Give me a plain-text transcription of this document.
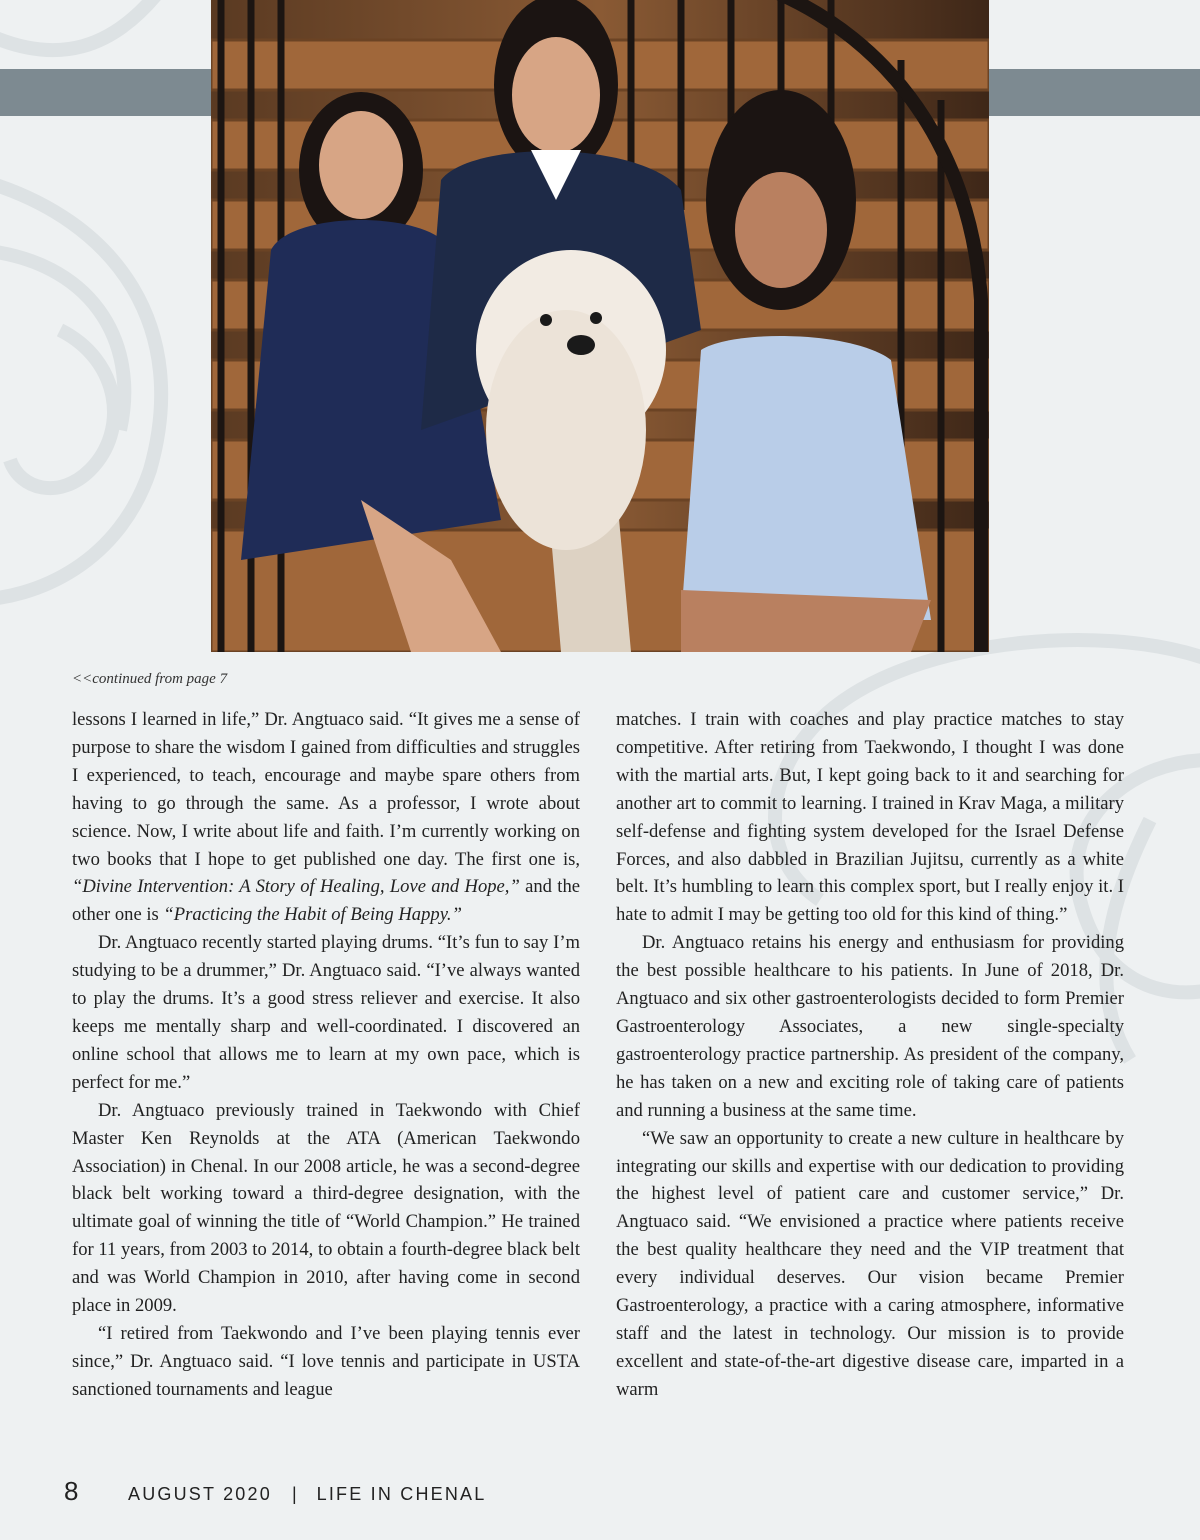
<<continued from page 7

lessons I learned in life,” Dr. Angtuaco said. “It gives me a sense of purpose to share the wisdom I gained from difficulties and struggles I experienced, to teach, encourage and maybe spare others from having to go through the same. As a professor, I wrote about science. Now, I write about life and faith. I’m currently working on two books that I hope to get published one day. The first one is, “Divine Intervention: A Story of Healing, Love and Hope,” and the other one is “Practicing the Habit of Being Happy.”

Dr. Angtuaco recently started playing drums. “It’s fun to say I’m studying to be a drummer,” Dr. Angtuaco said. “I’ve always wanted to play the drums. It’s a good stress reliever and exercise. It also keeps me mentally sharp and well-coordinated. I discovered an online school that allows me to learn at my own pace, which is perfect for me.”

Dr. Angtuaco previously trained in Taekwondo with Chief Master Ken Reynolds at the ATA (American Taekwondo Association) in Chenal. In our 2008 article, he was a second-degree black belt working toward a third-degree designation, with the ultimate goal of winning the title of “World Champion.” He trained for 11 years, from 2003 to 2014, to obtain a fourth-degree black belt and was World Champion in 2010, after having come in second place in 2009.

“I retired from Taekwondo and I’ve been playing tennis ever since,” Dr. Angtuaco said. “I love tennis and participate in USTA sanctioned tournaments and league

matches. I train with coaches and play practice matches to stay competitive. After retiring from Taekwondo, I thought I was done with the martial arts. But, I kept going back to it and searching for another art to commit to learning. I trained in Krav Maga, a military self-defense and fighting system developed for the Israel Defense Forces, and also dabbled in Brazilian Jujitsu, currently as a white belt. It’s humbling to learn this complex sport, but I really enjoy it. I hate to admit I may be getting too old for this kind of thing.”

Dr. Angtuaco retains his energy and enthusiasm for providing the best possible healthcare to his patients. In June of 2018, Dr. Angtuaco and six other gastroenterologists decided to form Premier Gastroenterology Associates, a new single-specialty gastroenterology practice partnership. As president of the company, he has taken on a new and exciting role of taking care of patients and running a business at the same time.

“We saw an opportunity to create a new culture in healthcare by integrating our skills and expertise with our dedication to providing the highest level of patient care and customer service,” Dr. Angtuaco said. “We envisioned a practice where patients receive the best quality healthcare they need and the VIP treatment that every individual deserves. Our vision became Premier Gastroenterology, a practice with a caring atmosphere, informative staff and the latest in technology. Our mission is to provide excellent and state-of-the-art digestive disease care, imparted in a warm

8	AUGUST 2020 | LIFE IN CHENAL
